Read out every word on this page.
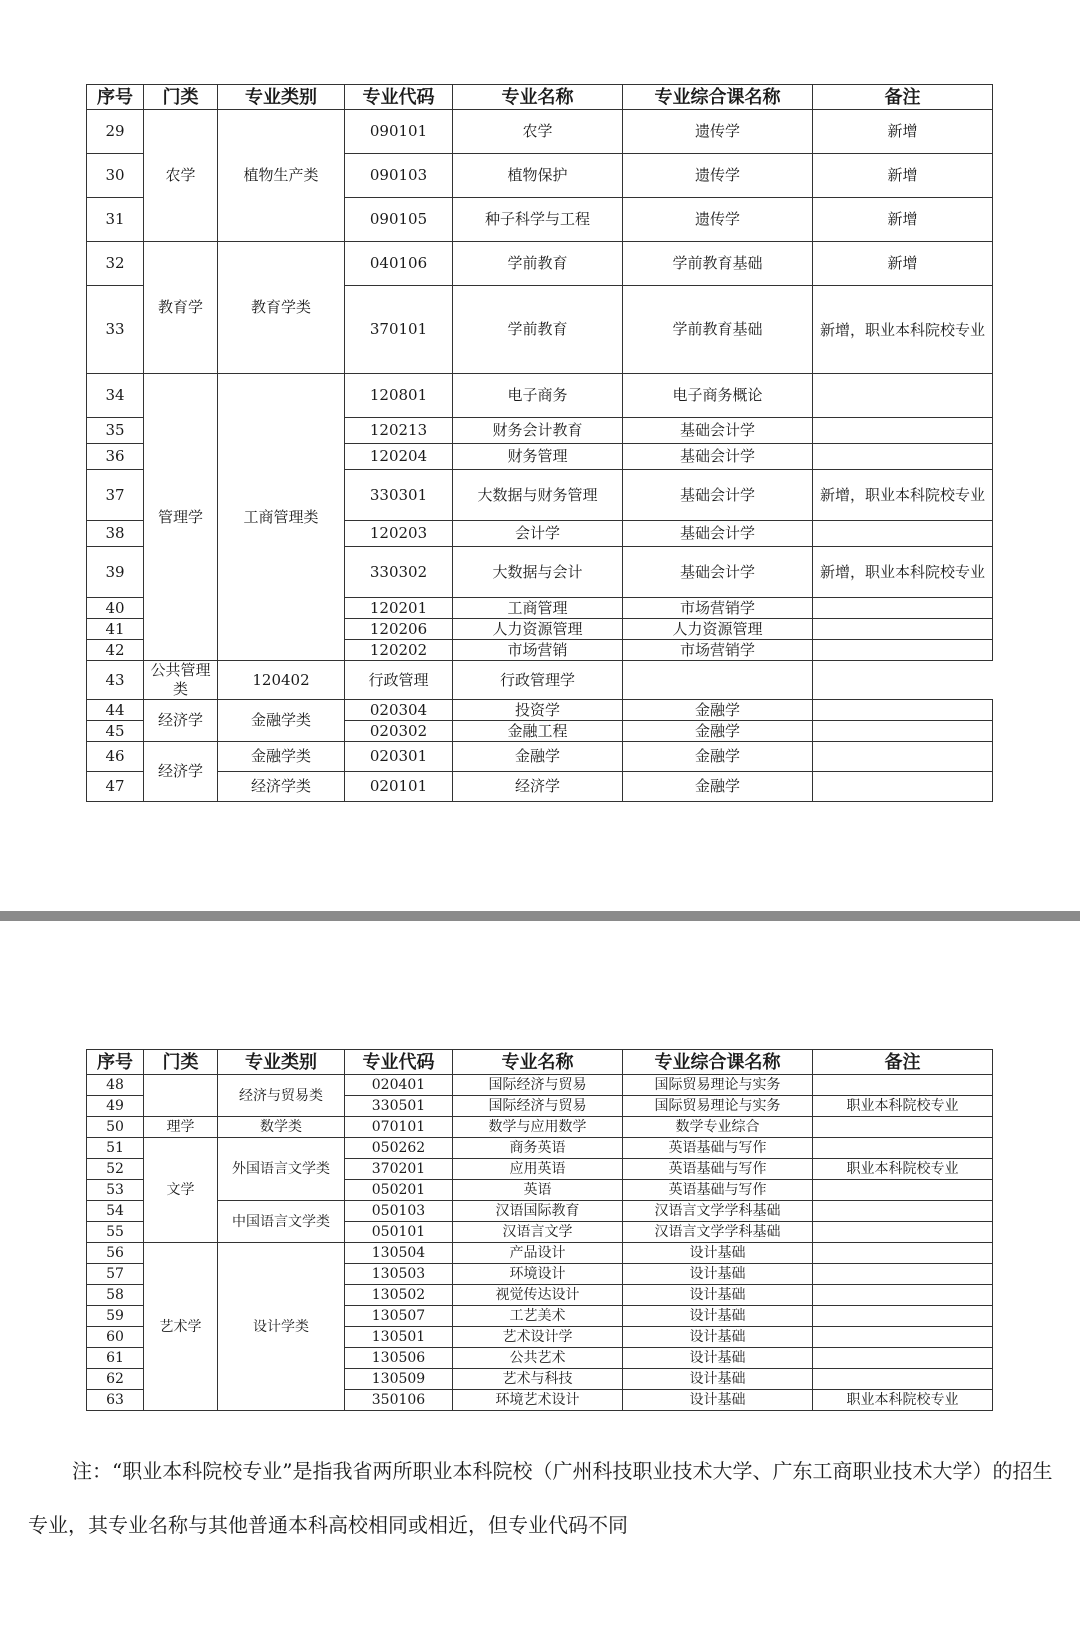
序号	门类	专业类别	专业代码	专业名称	专业综合课名称	备注
29	农学	植物生产类	090101	农学	遗传学	新增
30			090103	植物保护	遗传学	新增
31			090105	种子科学与工程	遗传学	新增
32	教育学	教育学类	040106	学前教育	学前教育基础	新增
33			370101	学前教育	学前教育基础	新增，职业本科院校专业
34	管理学	工商管理类	120801	电子商务	电子商务概论	
35			120213	财务会计教育	基础会计学	
36			120204	财务管理	基础会计学	
37			330301	大数据与财务管理	基础会计学	新增，职业本科院校专业
38			120203	会计学	基础会计学	
39			330302	大数据与会计	基础会计学	新增，职业本科院校专业
40			120201	工商管理	市场营销学	
41			120206	人力资源管理	人力资源管理	
42			120202	市场营销	市场营销学	
43	公共管理类	120402	行政管理	行政管理学		
44	经济学	金融学类	020304	投资学	金融学	
45			020302	金融工程	金融学	
46	经济学	金融学类	020301	金融学	金融学	
47		经济学类	020101	经济学	金融学	
序号	门类	专业类别	专业代码	专业名称	专业综合课名称	备注
48		经济与贸易类	020401	国际经济与贸易	国际贸易理论与实务	
49			330501	国际经济与贸易	国际贸易理论与实务	职业本科院校专业
50	理学	数学类	070101	数学与应用数学	数学专业综合	
51	文学	外国语言文学类	050262	商务英语	英语基础与写作	
52			370201	应用英语	英语基础与写作	职业本科院校专业
53			050201	英语	英语基础与写作	
54		中国语言文学类	050103	汉语国际教育	汉语言文学学科基础	
55			050101	汉语言文学	汉语言文学学科基础	
56	艺术学	设计学类	130504	产品设计	设计基础	
57			130503	环境设计	设计基础	
58			130502	视觉传达设计	设计基础	
59			130507	工艺美术	设计基础	
60			130501	艺术设计学	设计基础	
61			130506	公共艺术	设计基础	
62			130509	艺术与科技	设计基础	
63			350106	环境艺术设计	设计基础	职业本科院校专业

注：“职业本科院校专业”是指我省两所职业本科院校（广州科技职业技术大学、广东工商职业技术大学）的招生专业，其专业名称与其他普通本科高校相同或相近，但专业代码不同
